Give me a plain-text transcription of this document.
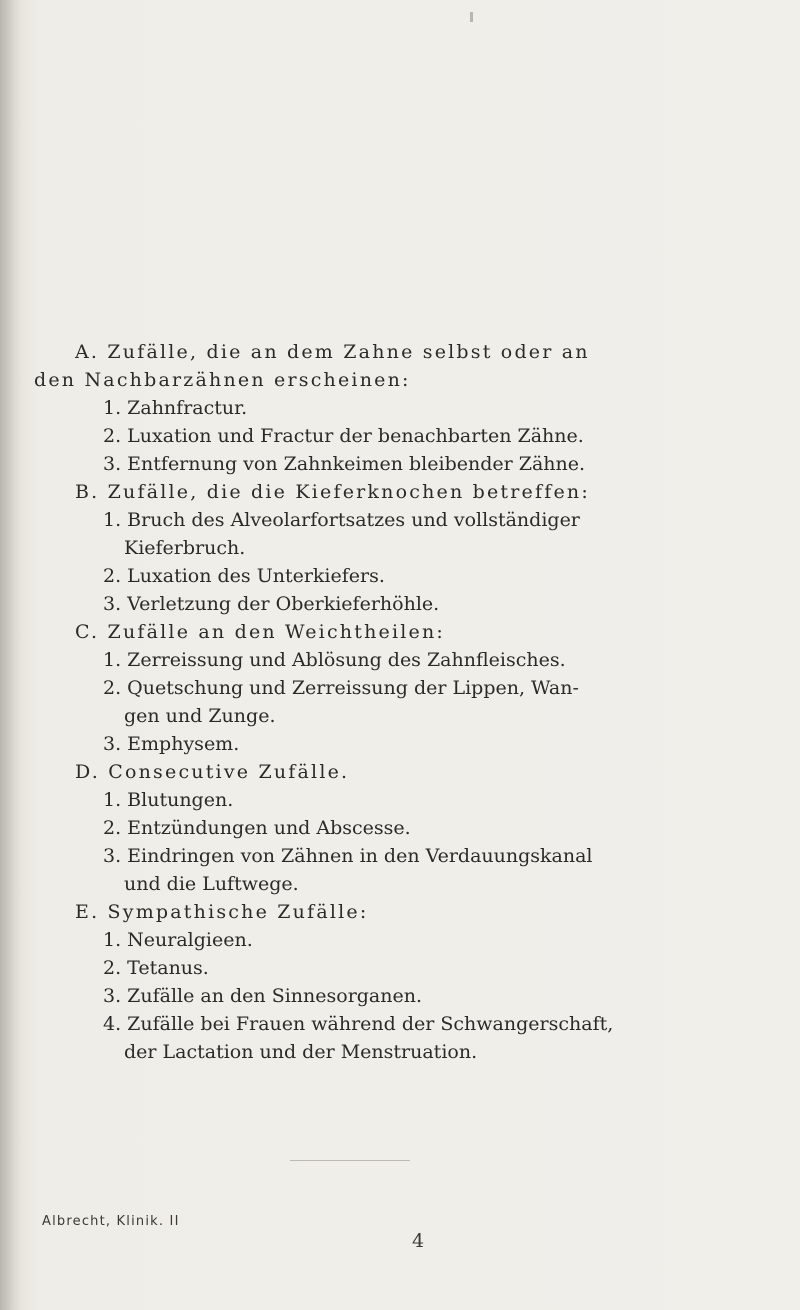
A. Zufälle, die an dem Zahne selbst oder an
den Nachbarzähnen erscheinen:
1. Zahnfractur.
2. Luxation und Fractur der benachbarten Zähne.
3. Entfernung von Zahnkeimen bleibender Zähne.
B. Zufälle, die die Kieferknochen betreffen:
1. Bruch des Alveolarfortsatzes und vollständiger
Kieferbruch.
2. Luxation des Unterkiefers.
3. Verletzung der Oberkieferhöhle.
C. Zufälle an den Weichtheilen:
1. Zerreissung und Ablösung des Zahnfleisches.
2. Quetschung und Zerreissung der Lippen, Wan-
gen und Zunge.
3. Emphysem.
D. Consecutive Zufälle.
1. Blutungen.
2. Entzündungen und Abscesse.
3. Eindringen von Zähnen in den Verdauungskanal
und die Luftwege.
E. Sympathische Zufälle:
1. Neuralgieen.
2. Tetanus.
3. Zufälle an den Sinnesorganen.
4. Zufälle bei Frauen während der Schwangerschaft,
der Lactation und der Menstruation.
Albrecht, Klinik. II
4
